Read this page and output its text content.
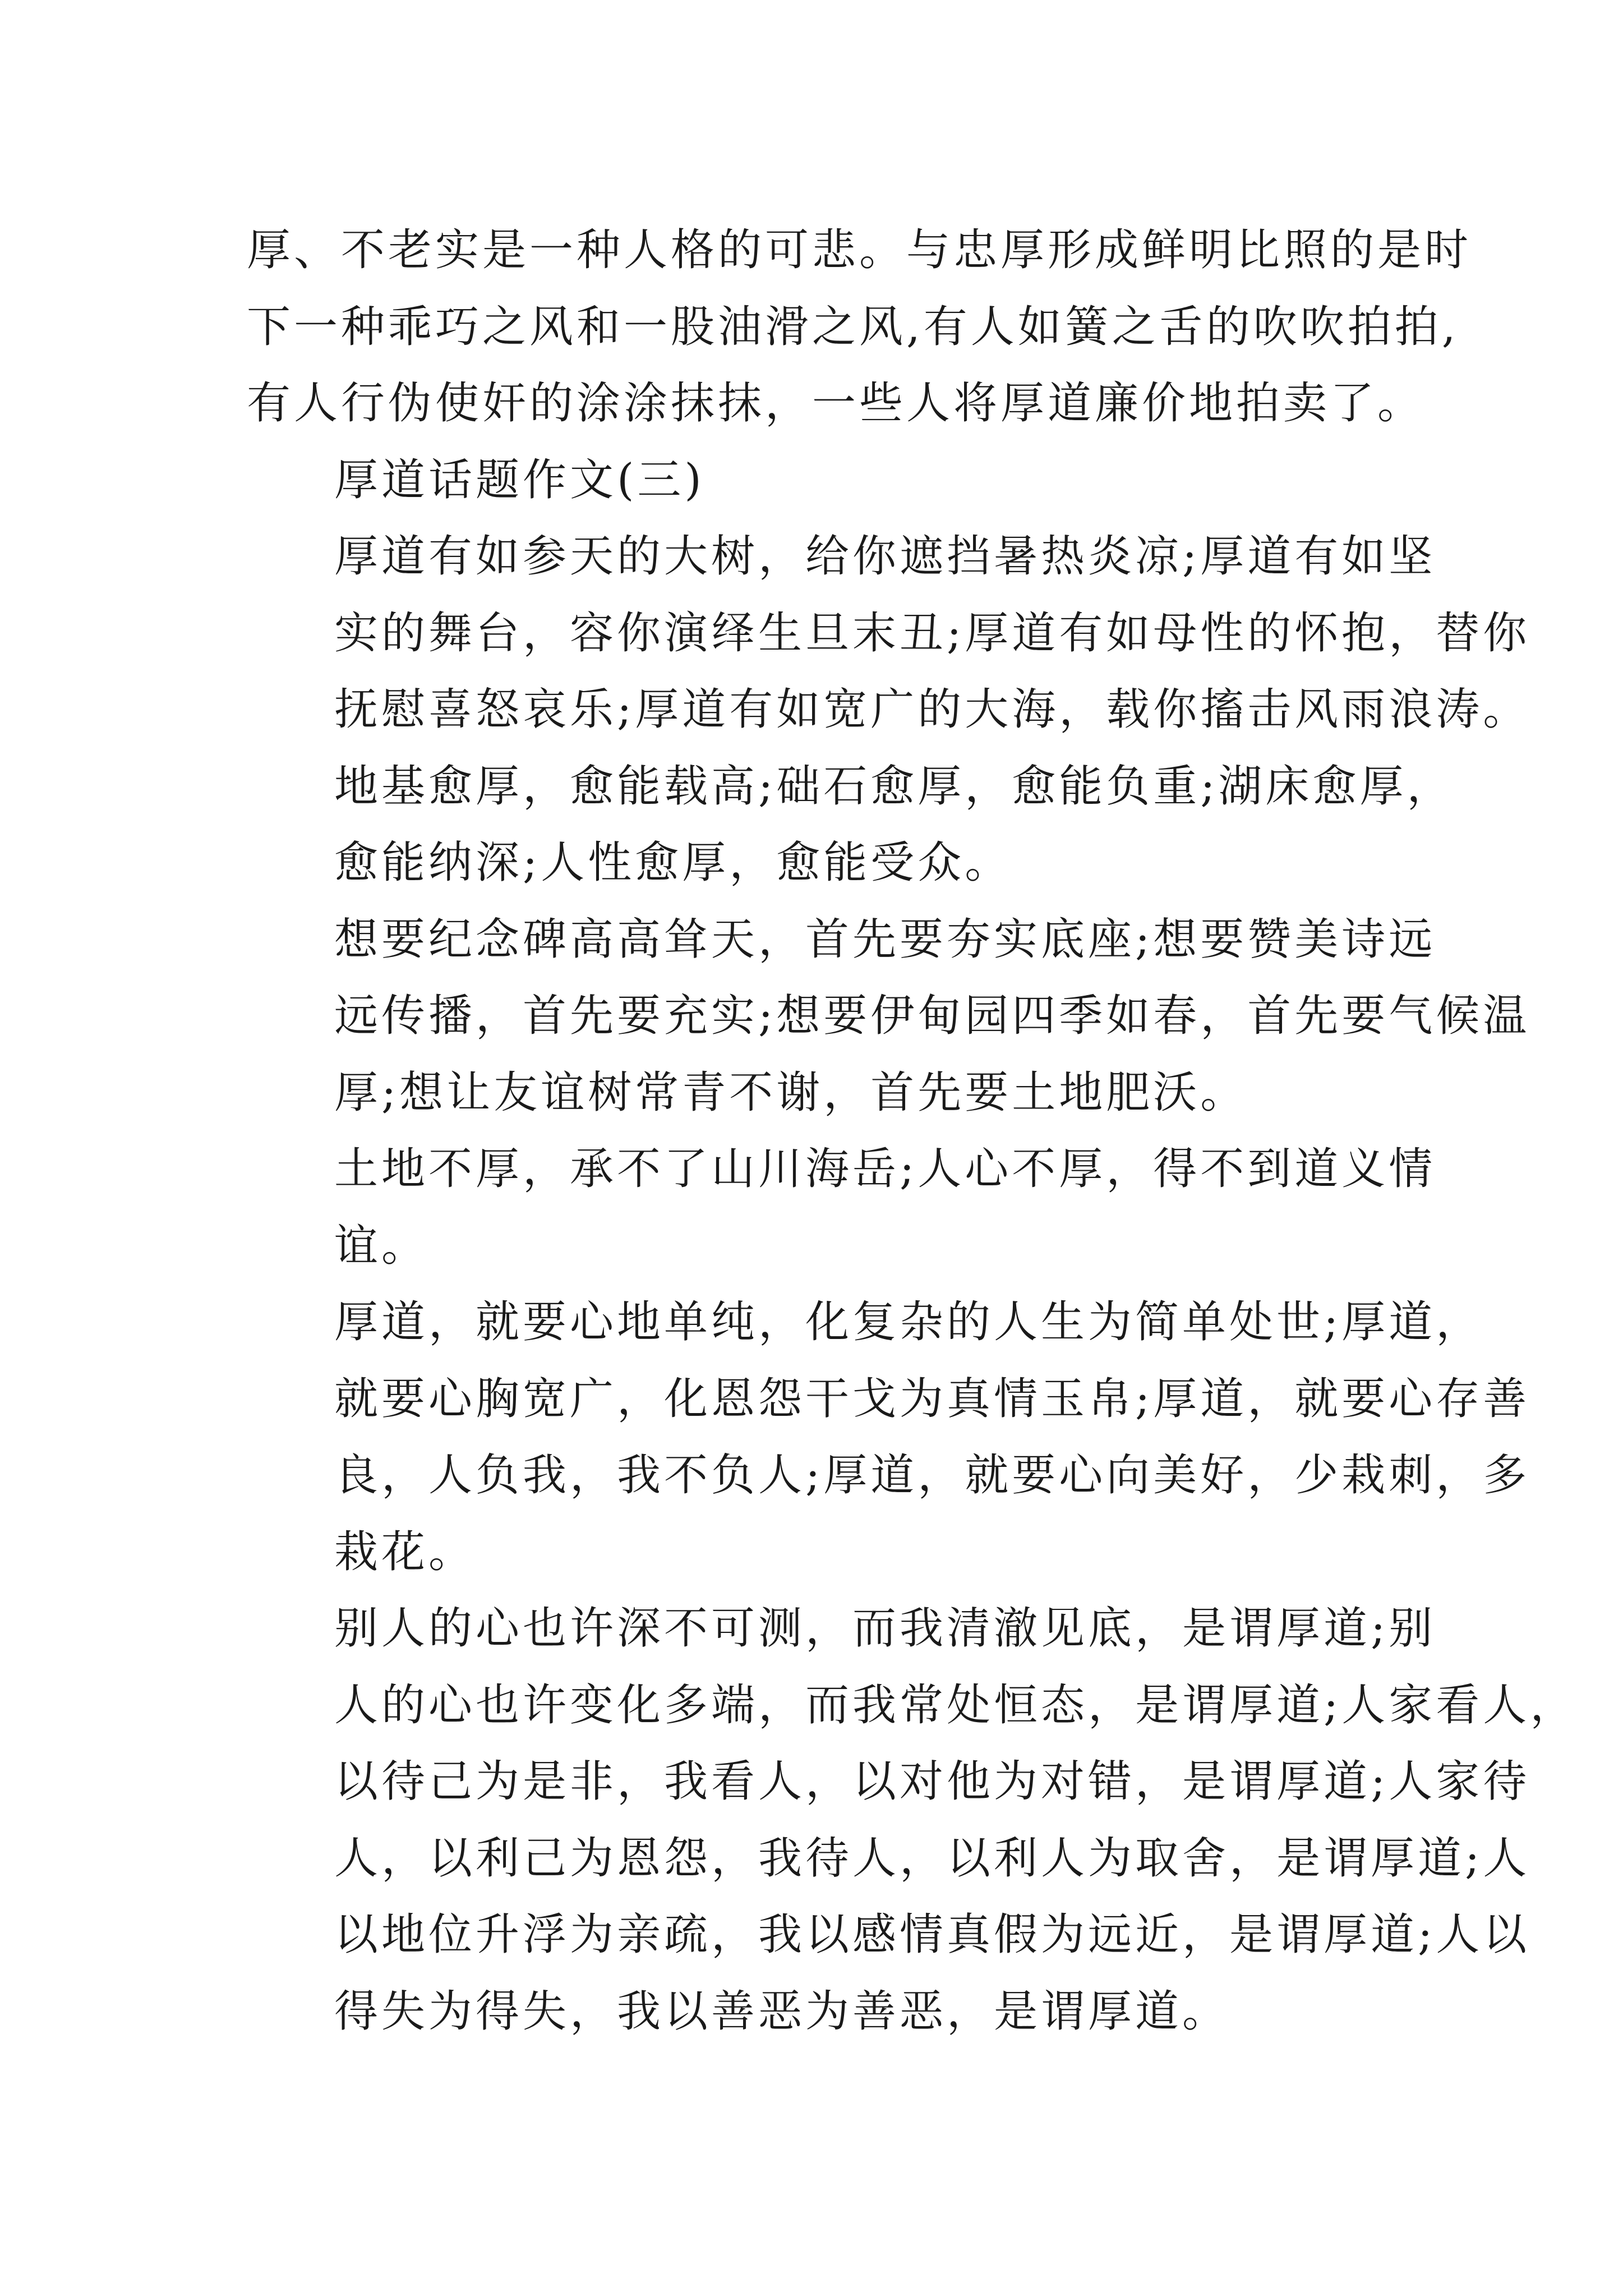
厚、不老实是一种人格的可悲。与忠厚形成鲜明比照的是时
下一种乖巧之风和一股油滑之风,有人如簧之舌的吹吹拍拍,
有人行伪使奸的涂涂抹抹，一些人将厚道廉价地拍卖了。

厚道话题作文(三)

厚道有如参天的大树，给你遮挡暑热炎凉;厚道有如坚
实的舞台，容你演绎生旦末丑;厚道有如母性的怀抱，替你
抚慰喜怒哀乐;厚道有如宽广的大海，载你搐击风雨浪涛。

地基愈厚，愈能载高;础石愈厚，愈能负重;湖床愈厚，
愈能纳深;人性愈厚，愈能受众。

想要纪念碑高高耸天，首先要夯实底座;想要赞美诗远
远传播，首先要充实;想要伊甸园四季如春，首先要气候温
厚;想让友谊树常青不谢，首先要土地肥沃。

土地不厚，承不了山川海岳;人心不厚，得不到道义情
谊。

厚道，就要心地单纯，化复杂的人生为简单处世;厚道，
就要心胸宽广，化恩怨干戈为真情玉帛;厚道，就要心存善
良，人负我，我不负人;厚道，就要心向美好，少栽刺，多
栽花。

别人的心也许深不可测，而我清澈见底，是谓厚道;别
人的心也许变化多端，而我常处恒态，是谓厚道;人家看人，
以待己为是非，我看人，以对他为对错，是谓厚道;人家待
人，以利己为恩怨，我待人，以利人为取舍，是谓厚道;人
以地位升浮为亲疏，我以感情真假为远近，是谓厚道;人以
得失为得失，我以善恶为善恶，是谓厚道。
